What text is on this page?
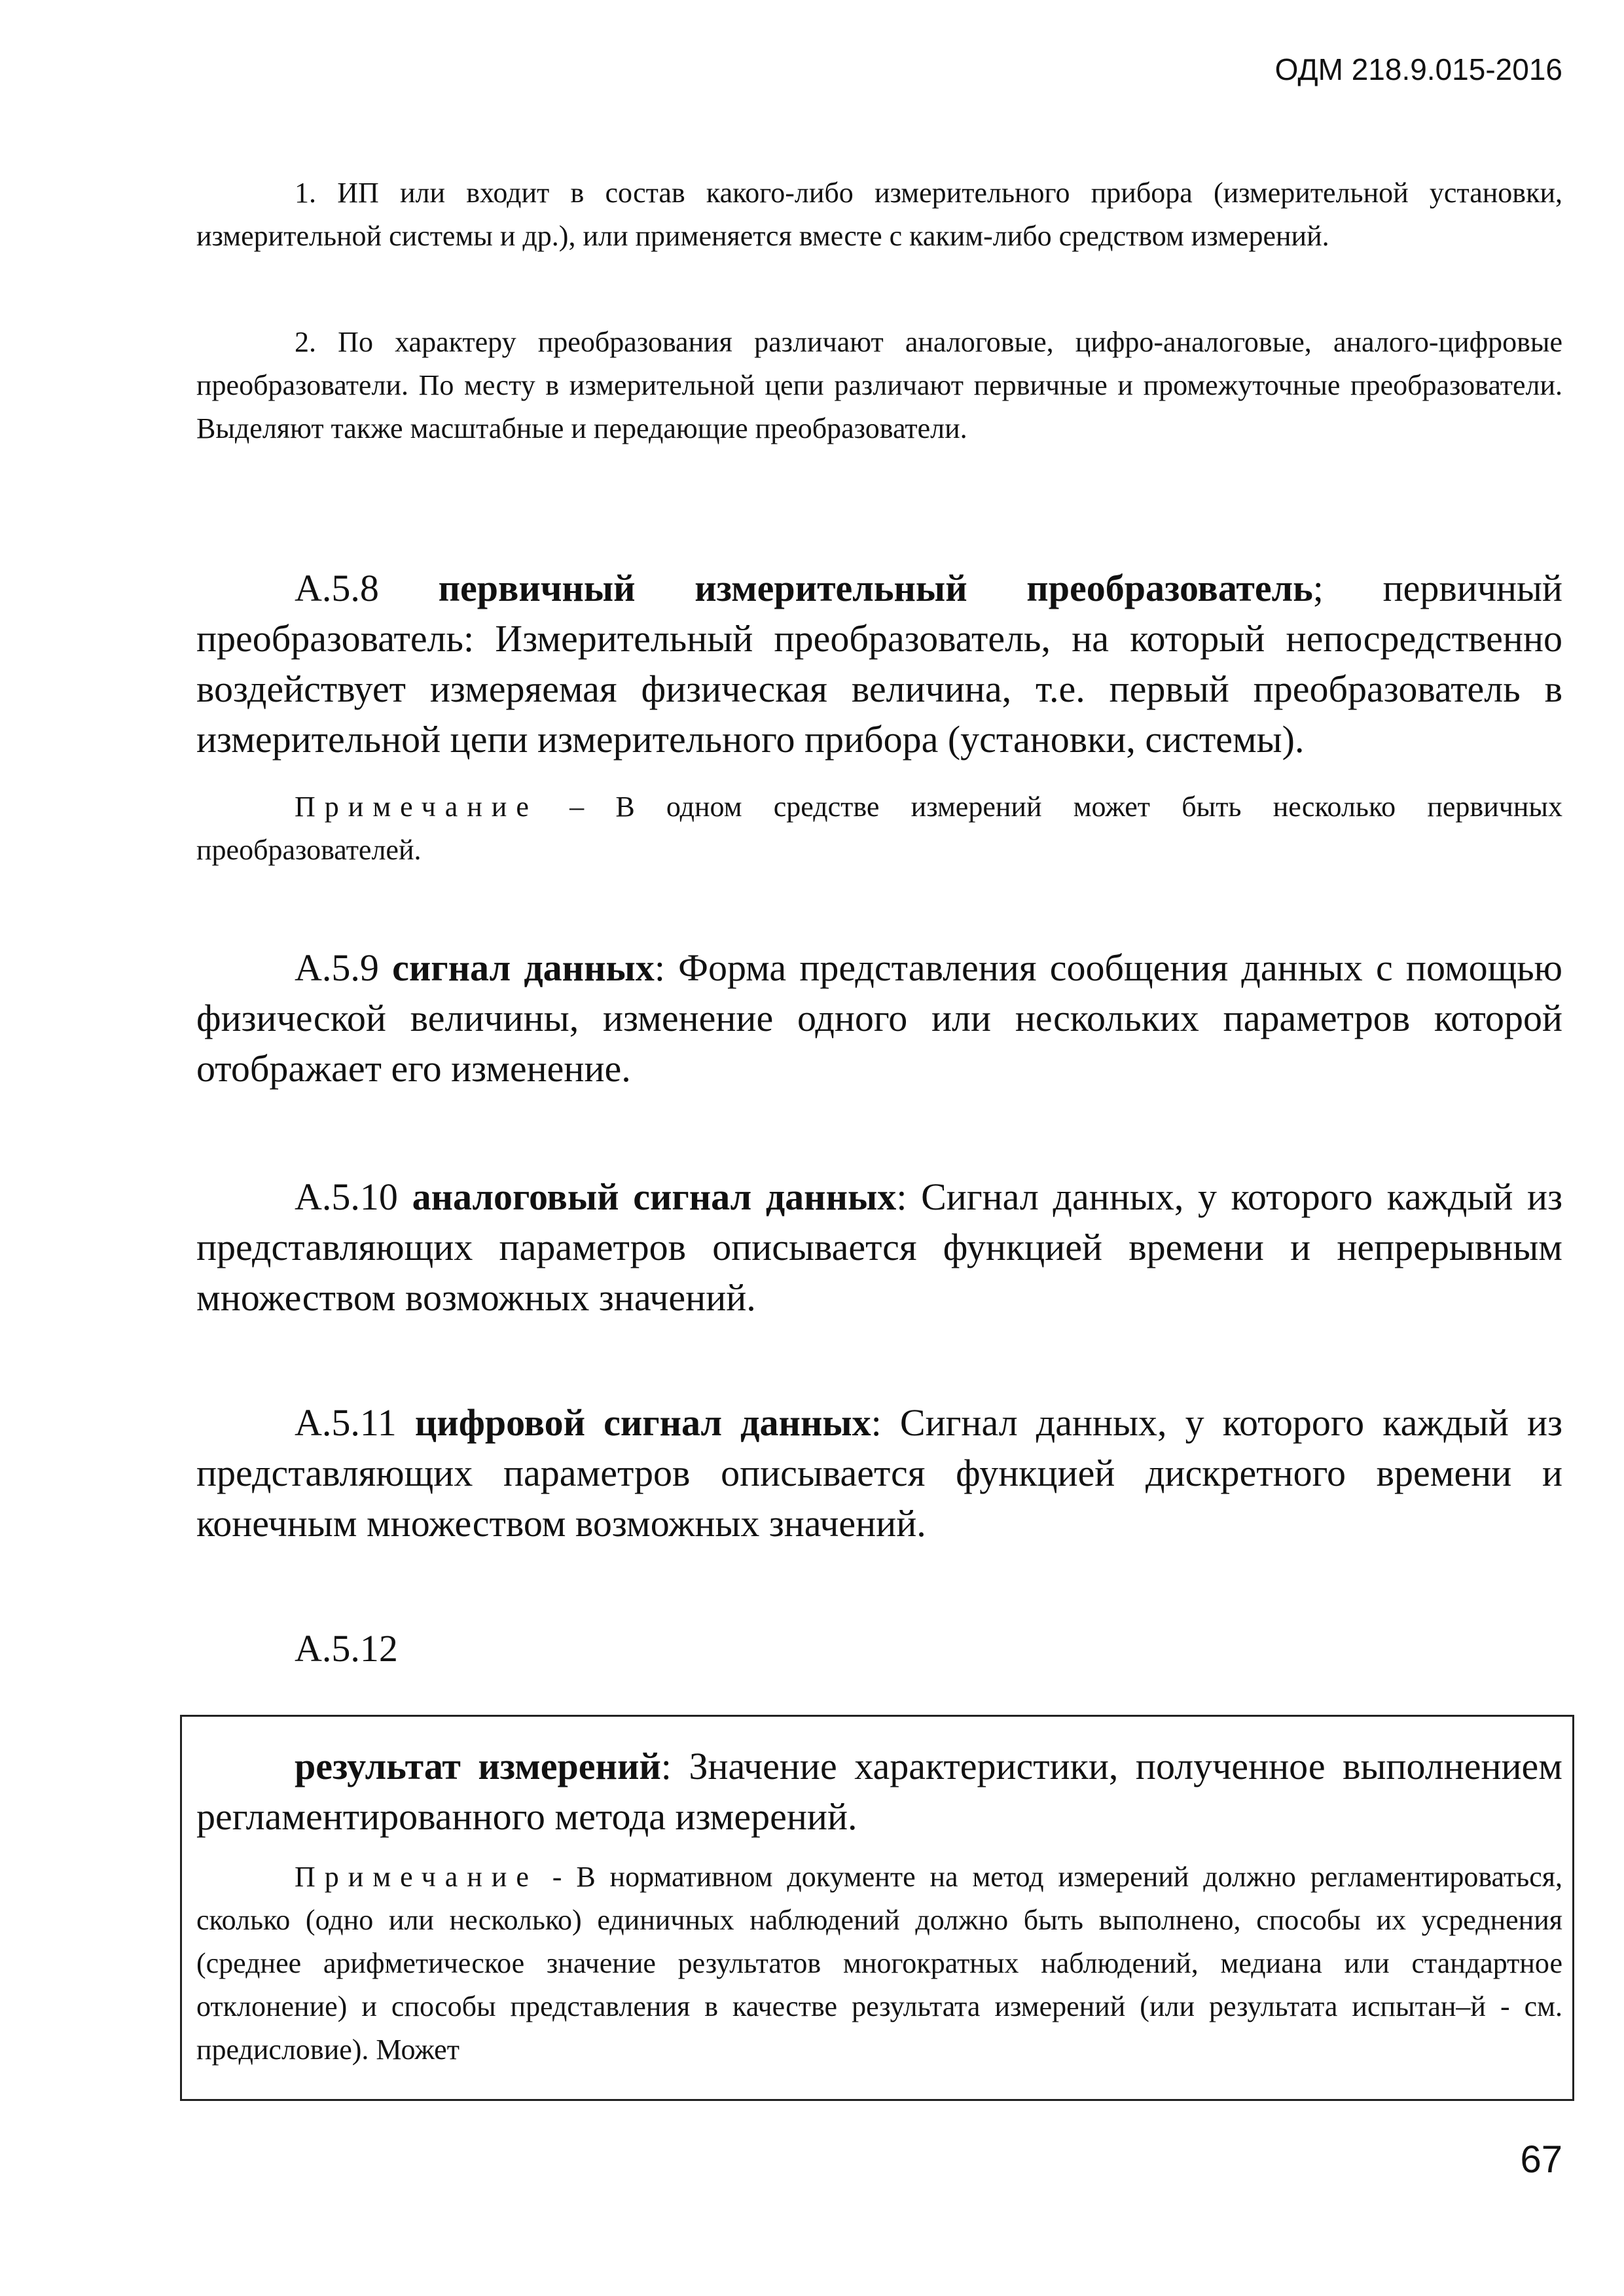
ОДМ 218.9.015-2016

1. ИП или входит в состав какого-либо измерительного прибора (измерительной установки, измерительной системы и др.), или применяется вместе с каким-либо средством измерений.

2. По характеру преобразования различают аналоговые, цифро-аналоговые, аналого-цифровые преобразователи. По месту в измерительной цепи различают первичные и промежуточные преобразователи. Выделяют также масштабные и передающие преобразователи.

А.5.8 первичный измерительный преобразователь; первичный преобразователь: Измерительный преобразователь, на который непосредственно воздействует измеряемая физическая величина, т.е. первый преобразователь в измерительной цепи измерительного прибора (установки, системы).

Примечание – В одном средстве измерений может быть несколько первичных преобразователей.

А.5.9 сигнал данных: Форма представления сообщения данных с помощью физической величины, изменение одного или нескольких параметров которой отображает его изменение.

А.5.10 аналоговый сигнал данных: Сигнал данных, у которого каждый из представляющих параметров описывается функцией времени и непрерывным множеством возможных значений.

А.5.11 цифровой сигнал данных: Сигнал данных, у которого каждый из представляющих параметров описывается функцией дискретного времени и конечным множеством возможных значений.

А.5.12

результат измерений: Значение характеристики, полученное выполнением регламентированного метода измерений.

Примечание - В нормативном документе на метод измерений должно регламентироваться, сколько (одно или несколько) единичных наблюдений должно быть выполнено, способы их усреднения (среднее арифметическое значение результатов многократных наблюдений, медиана или стандартное отклонение) и способы представления в качестве результата измерений (или результата испытан–й - см. предисловие). Может

67
